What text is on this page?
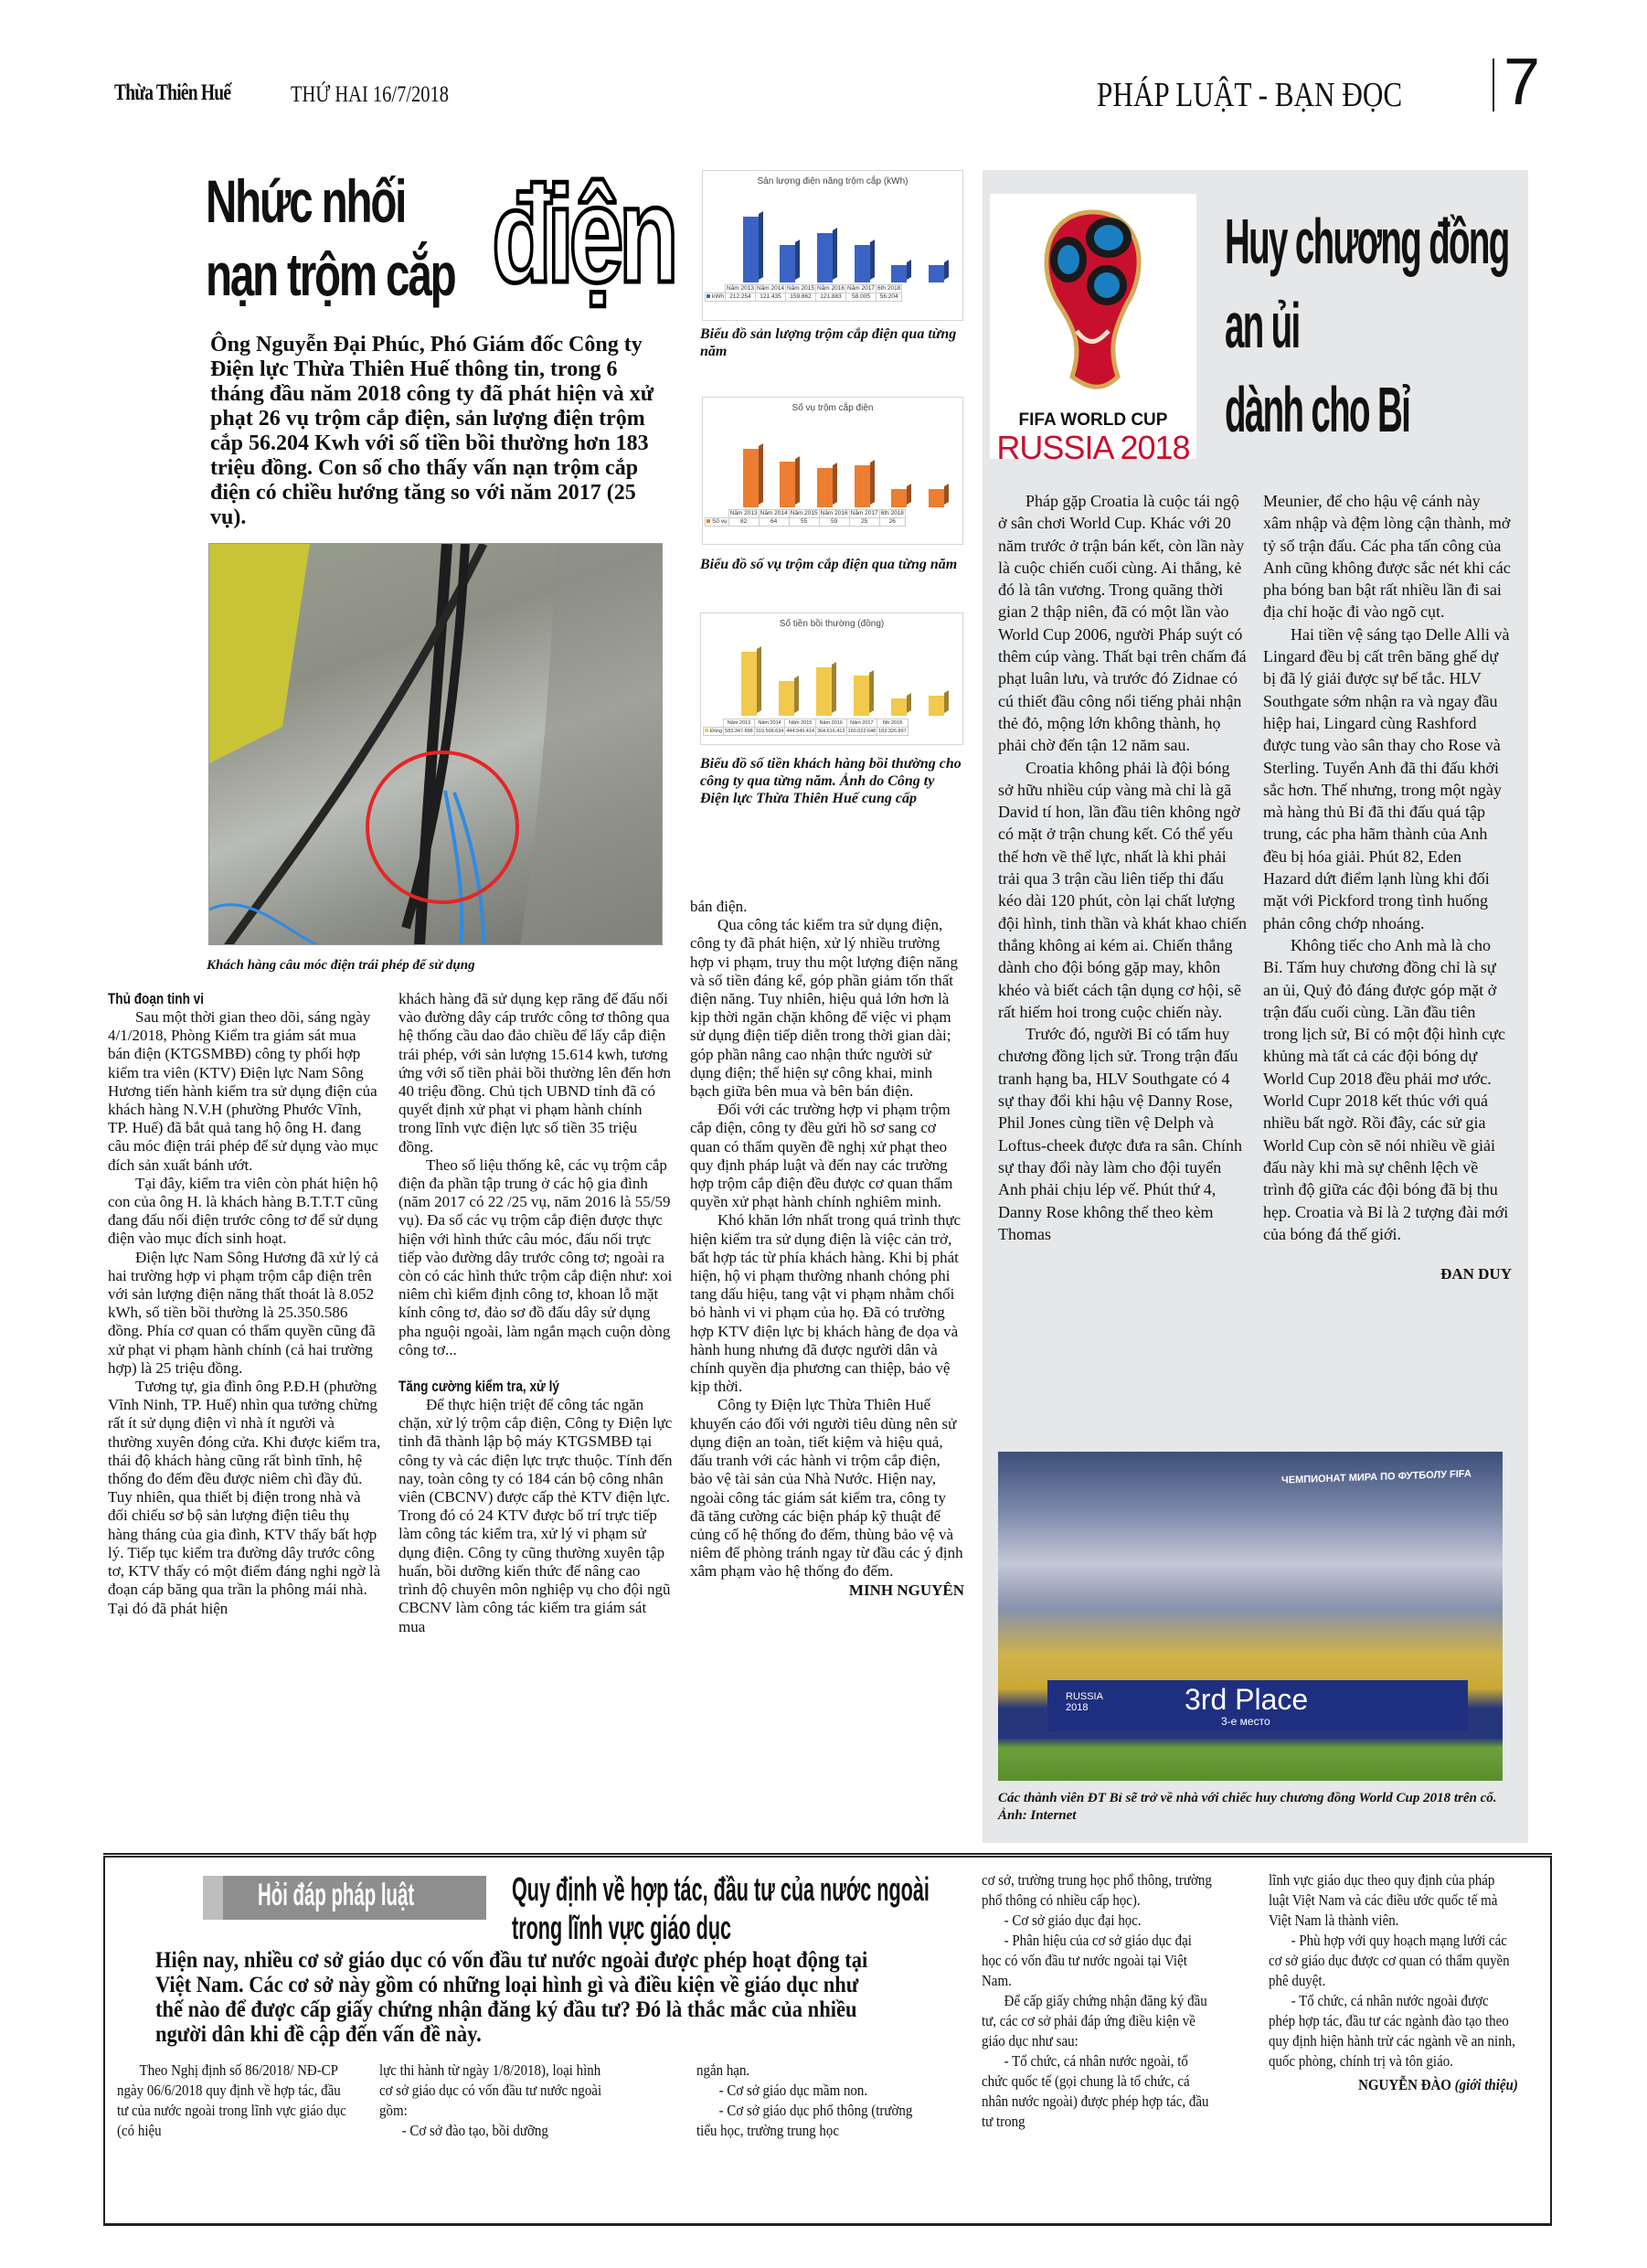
Thừa Thiên Huế	THỨ HAI 16/7/2018	PHÁP LUẬT - BẠN ĐỌC 7
Nhức nhối
nạn trộm cắp điện
Ông Nguyễn Đại Phúc, Phó Giám đốc Công ty Điện lực Thừa Thiên Huế thông tin, trong 6 tháng đầu năm 2018 công ty đã phát hiện và xử phạt 26 vụ trộm cắp điện, sản lượng điện trộm cắp 56.204 Kwh với số tiền bồi thường hơn 183 triệu đồng. Con số cho thấy vấn nạn trộm cắp điện có chiều hướng tăng so với năm 2017 (25 vụ).
Sản lượng điện năng trộm cắp (kWh)
	Năm 2013	Năm 2014	Năm 2015	Năm 2016	Năm 2017	6th 2018
kWh	212.254	121.435	159.862	121.883	58.005	56.204
Biểu đồ sản lượng trộm cắp điện qua từng năm
Số vụ trộm cắp điện
	Năm 2013	Năm 2014	Năm 2015	Năm 2016	Năm 2017	6th 2018
Số vụ	82	64	55	59	25	26
Biểu đồ số vụ trộm cắp điện qua từng năm
Số tiền bồi thường (đồng)
	Năm 2013	Năm 2014	Năm 2015	Năm 2016	Năm 2017	6th 2018
Đồng	583.347.898	319.598.634	444.949.414	364.616.413	160.022.648	183.326.897
Biểu đồ số tiền khách hàng bồi thường cho công ty qua từng năm. Ảnh do Công ty Điện lực Thừa Thiên Huế cung cấp
Khách hàng câu móc điện trái phép để sử dụng
Thủ đoạn tinh vi

Sau một thời gian theo dõi, sáng ngày 4/1/2018, Phòng Kiểm tra giám sát mua bán điện (KTGSMBĐ) công ty phối hợp kiểm tra viên (KTV) Điện lực Nam Sông Hương tiến hành kiểm tra sử dụng điện của khách hàng N.V.H (phường Phước Vĩnh, TP. Huế) đã bắt quả tang hộ ông H. đang câu móc điện trái phép để sử dụng vào mục đích sản xuất bánh ướt.

Tại đây, kiểm tra viên còn phát hiện hộ con của ông H. là khách hàng B.T.T.T cũng đang đấu nối điện trước công tơ để sử dụng điện vào mục đích sinh hoạt.

Điện lực Nam Sông Hương đã xử lý cả hai trường hợp vi phạm trộm cắp điện trên với sản lượng điện năng thất thoát là 8.052 kWh, số tiền bồi thường là 25.350.586 đồng. Phía cơ quan có thẩm quyền cũng đã xử phạt vi phạm hành chính (cả hai trường hợp) là 25 triệu đồng.

Tương tự, gia đình ông P.Đ.H (phường Vĩnh Ninh, TP. Huế) nhìn qua tưởng chừng rất ít sử dụng điện vì nhà ít người và thường xuyên đóng cửa. Khi được kiểm tra, thái độ khách hàng cũng rất bình tĩnh, hệ thống đo đếm đều được niêm chì đầy đủ. Tuy nhiên, qua thiết bị điện trong nhà và đối chiếu sơ bộ sản lượng điện tiêu thụ hàng tháng của gia đình, KTV thấy bất hợp lý. Tiếp tục kiểm tra đường dây trước công tơ, KTV thấy có một điểm đáng nghi ngờ là đoạn cáp băng qua trần la phông mái nhà. Tại đó đã phát hiện

khách hàng đã sử dụng kẹp răng để đấu nối vào đường dây cáp trước công tơ thông qua hệ thống cầu dao đảo chiều để lấy cắp điện trái phép, với sản lượng 15.614 kwh, tương ứng với số tiền phải bồi thường lên đến hơn 40 triệu đồng. Chủ tịch UBND tỉnh đã có quyết định xử phạt vi phạm hành chính trong lĩnh vực điện lực số tiền 35 triệu đồng.

Theo số liệu thống kê, các vụ trộm cắp điện đa phần tập trung ở các hộ gia đình (năm 2017 có 22 /25 vụ, năm 2016 là 55/59 vụ). Đa số các vụ trộm cắp điện được thực hiện với hình thức câu móc, đấu nối trực tiếp vào đường dây trước công tơ; ngoài ra còn có các hình thức trộm cắp điện như: xoi niêm chì kiểm định công tơ, khoan lỗ mặt kính công tơ, đảo sơ đồ đấu dây sử dụng pha nguội ngoài, làm ngắn mạch cuộn dòng công tơ...

Tăng cường kiểm tra, xử lý

Để thực hiện triệt để công tác ngăn chặn, xử lý trộm cắp điện, Công ty Điện lực tỉnh đã thành lập bộ máy KTGSMBĐ tại công ty và các điện lực trực thuộc. Tính đến nay, toàn công ty có 184 cán bộ công nhân viên (CBCNV) được cấp thẻ KTV điện lực. Trong đó có 24 KTV được bố trí trực tiếp làm công tác kiểm tra, xử lý vi phạm sử dụng điện. Công ty cũng thường xuyên tập huấn, bồi dưỡng kiến thức để nâng cao trình độ chuyên môn nghiệp vụ cho đội ngũ CBCNV làm công tác kiểm tra giám sát mua

bán điện.

Qua công tác kiểm tra sử dụng điện, công ty đã phát hiện, xử lý nhiều trường hợp vi phạm, truy thu một lượng điện năng và số tiền đáng kể, góp phần giảm tổn thất điện năng. Tuy nhiên, hiệu quả lớn hơn là kịp thời ngăn chặn không để việc vi phạm sử dụng điện tiếp diễn trong thời gian dài; góp phần nâng cao nhận thức người sử dụng điện; thể hiện sự công khai, minh bạch giữa bên mua và bên bán điện.

Đối với các trường hợp vi phạm trộm cắp điện, công ty đều gửi hồ sơ sang cơ quan có thẩm quyền đề nghị xử phạt theo quy định pháp luật và đến nay các trường hợp trộm cắp điện đều được cơ quan thẩm quyền xử phạt hành chính nghiêm minh.

Khó khăn lớn nhất trong quá trình thực hiện kiểm tra sử dụng điện là việc cản trở, bất hợp tác từ phía khách hàng. Khi bị phát hiện, hộ vi phạm thường nhanh chóng phi tang dấu hiệu, tang vật vi phạm nhằm chối bỏ hành vi vi phạm của họ. Đã có trường hợp KTV điện lực bị khách hàng đe dọa và hành hung nhưng đã được người dân và chính quyền địa phương can thiệp, bảo vệ kịp thời.

Công ty Điện lực Thừa Thiên Huế khuyến cáo đối với người tiêu dùng nên sử dụng điện an toàn, tiết kiệm và hiệu quả, đấu tranh với các hành vi trộm cắp điện, bảo vệ tài sản của Nhà Nước. Hiện nay, ngoài công tác giám sát kiểm tra, công ty đã tăng cường các biện pháp kỹ thuật để củng cố hệ thống đo đếm, thùng bảo vệ và niêm để phòng tránh ngay từ đầu các ý định xâm phạm vào hệ thống đo đếm.

MINH NGUYÊN
FIFA WORLD CUP
RUSSIA 2018
Huy chương đồng
an ủi
dành cho Bỉ

Pháp gặp Croatia là cuộc tái ngộ ở sân chơi World Cup. Khác với 20 năm trước ở trận bán kết, còn lần này là cuộc chiến cuối cùng. Ai thắng, kẻ đó là tân vương. Trong quãng thời gian 2 thập niên, đã có một lần vào World Cup 2006, người Pháp suýt có thêm cúp vàng. Thất bại trên chấm đá phạt luân lưu, và trước đó Zidnae có cú thiết đầu công nổi tiếng phải nhận thẻ đỏ, mộng lớn không thành, họ phải chờ đến tận 12 năm sau.

Croatia không phải là đội bóng sở hữu nhiều cúp vàng mà chỉ là gã David tí hon, lần đầu tiên không ngờ có mặt ở trận chung kết. Có thể yếu thế hơn về thể lực, nhất là khi phải trải qua 3 trận cầu liên tiếp thi đấu kéo dài 120 phút, còn lại chất lượng đội hình, tinh thần và khát khao chiến thắng không ai kém ai. Chiến thắng dành cho đội bóng gặp may, khôn khéo và biết cách tận dụng cơ hội, sẽ rất hiếm hoi trong cuộc chiến này.

Trước đó, người Bỉ có tấm huy chương đồng lịch sử. Trong trận đấu tranh hạng ba, HLV Southgate có 4 sự thay đổi khi hậu vệ Danny Rose, Phil Jones cùng tiền vệ Delph và Loftus-cheek được đưa ra sân. Chính sự thay đổi này làm cho đội tuyển Anh phải chịu lép vế. Phút thứ 4, Danny Rose không thể theo kèm Thomas

Meunier, để cho hậu vệ cánh này xâm nhập và đệm lòng cận thành, mở tỷ số trận đấu. Các pha tấn công của Anh cũng không được sắc nét khi các pha bóng ban bật rất nhiều lần đi sai địa chỉ hoặc đi vào ngõ cụt.

Hai tiền vệ sáng tạo Delle Alli và Lingard đều bị cất trên băng ghế dự bị đã lý giải được sự bế tắc. HLV Southgate sớm nhận ra và ngay đầu hiệp hai, Lingard cùng Rashford được tung vào sân thay cho Rose và Sterling. Tuyển Anh đã thi đấu khởi sắc hơn. Thế nhưng, trong một ngày mà hàng thủ Bỉ đã thi đấu quá tập trung, các pha hãm thành của Anh đều bị hóa giải. Phút 82, Eden Hazard dứt điểm lạnh lùng khi đối mặt với Pickford trong tình huống phản công chớp nhoáng.

Không tiếc cho Anh mà là cho Bỉ. Tấm huy chương đồng chỉ là sự an ủi, Quỷ đỏ đáng được góp mặt ở trận đấu cuối cùng. Lần đầu tiên trong lịch sử, Bỉ có một đội hình cực khủng mà tất cả các đội bóng dự World Cup 2018 đều phải mơ ước. World Cupr 2018 kết thúc với quá nhiều bất ngờ. Rồi đây, các sử gia World Cup còn sẽ nói nhiều về giải đấu này khi mà sự chênh lệch về trình độ giữa các đội bóng đã bị thu hẹp. Croatia và Bỉ là 2 tượng đài mới của bóng đá thế giới.

ĐAN DUY
ЧЕМПИОНАТ МИРА ПО ФУТБОЛУ FIFA
RUSSIA 2018	3rd Place
3-е место
Các thành viên ĐT Bỉ sẽ trở về nhà với chiếc huy chương đồng World Cup 2018 trên cổ. Ảnh: Internet
Hỏi đáp pháp luật	Quy định về hợp tác, đầu tư của nước ngoài
trong lĩnh vực giáo dục
Hiện nay, nhiều cơ sở giáo dục có vốn đầu tư nước ngoài được phép hoạt động tại Việt Nam. Các cơ sở này gồm có những loại hình gì và điều kiện về giáo dục như thế nào để được cấp giấy chứng nhận đăng ký đầu tư? Đó là thắc mắc của nhiều người dân khi đề cập đến vấn đề này.

Theo Nghị định số 86/2018/ NĐ-CP ngày 06/6/2018 quy định về hợp tác, đầu tư của nước ngoài trong lĩnh vực giáo dục (có hiệu

lực thi hành từ ngày 1/8/2018), loại hình cơ sở giáo dục có vốn đầu tư nước ngoài gồm:

- Cơ sở đào tạo, bồi dưỡng

ngắn hạn.

- Cơ sở giáo dục mầm non.

- Cơ sở giáo dục phổ thông (trường tiểu học, trường trung học

cơ sở, trường trung học phổ thông, trường phổ thông có nhiều cấp học).

- Cơ sở giáo dục đại học.

- Phân hiệu của cơ sở giáo dục đại học có vốn đầu tư nước ngoài tại Việt Nam.

Để cấp giấy chứng nhận đăng ký đầu tư, các cơ sở phải đáp ứng điều kiện về giáo dục như sau:

- Tổ chức, cá nhân nước ngoài, tổ chức quốc tế (gọi chung là tổ chức, cá nhân nước ngoài) được phép hợp tác, đầu tư trong

lĩnh vực giáo dục theo quy định của pháp luật Việt Nam và các điều ước quốc tế mà Việt Nam là thành viên.

- Phù hợp với quy hoạch mạng lưới các cơ sở giáo dục được cơ quan có thẩm quyền phê duyệt.

- Tổ chức, cá nhân nước ngoài được phép hợp tác, đầu tư các ngành đào tạo theo quy định hiện hành trừ các ngành về an ninh, quốc phòng, chính trị và tôn giáo.

NGUYỄN ĐÀO (giới thiệu)
